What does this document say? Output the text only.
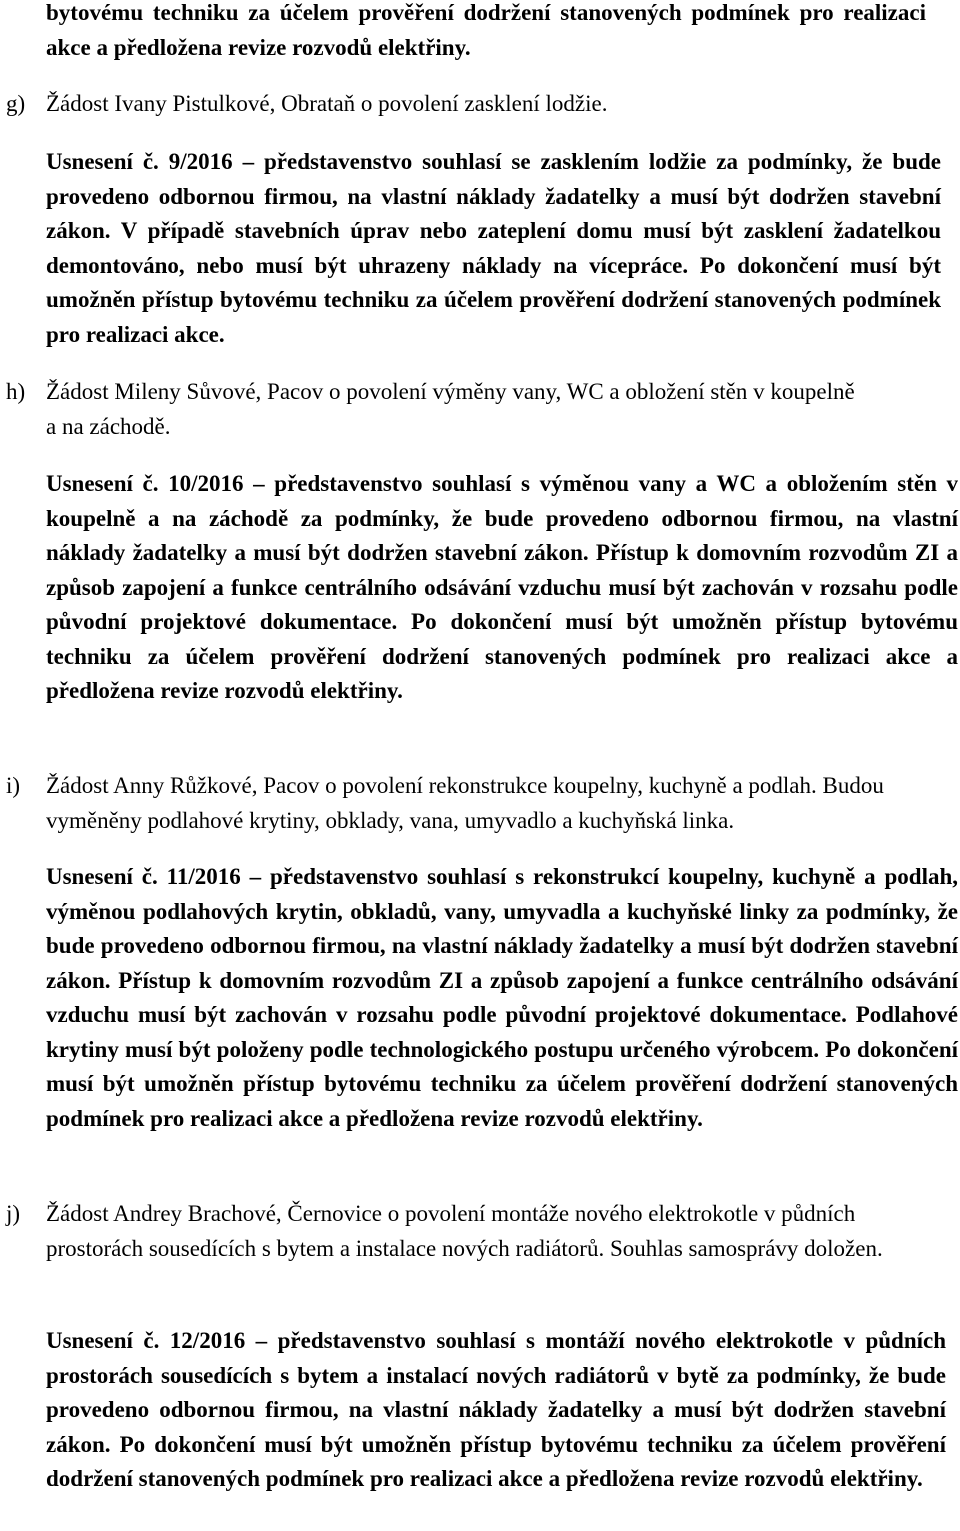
bytovému techniku za účelem prověření dodržení stanovených podmínek pro realizaci akce a předložena revize rozvodů elektřiny.

g) Žádost Ivany Pistulkové, Obrataň o povolení zasklení lodžie.

Usnesení č. 9/2016 – představenstvo souhlasí se zasklením lodžie za podmínky, že bude provedeno odbornou firmou, na vlastní náklady žadatelky a musí být dodržen stavební zákon. V případě stavebních úprav nebo zateplení domu musí být zasklení žadatelkou demontováno, nebo musí být uhrazeny náklady na vícepráce. Po dokončení musí být umožněn přístup bytovému techniku za účelem prověření dodržení stanovených podmínek pro realizaci akce.

h) Žádost Mileny Sůvové, Pacov o povolení výměny vany, WC a obložení stěn v koupelně a na záchodě.

Usnesení č. 10/2016 – představenstvo souhlasí s výměnou vany a WC a obložením stěn v koupelně a na záchodě za podmínky, že bude provedeno odbornou firmou, na vlastní náklady žadatelky a musí být dodržen stavební zákon. Přístup k domovním rozvodům ZI a způsob zapojení a funkce centrálního odsávání vzduchu musí být zachován v rozsahu podle původní projektové dokumentace. Po dokončení musí být umožněn přístup bytovému techniku za účelem prověření dodržení stanovených podmínek pro realizaci akce a předložena revize rozvodů elektřiny.

i)	Žádost Anny Růžkové, Pacov o povolení rekonstrukce koupelny, kuchyně a podlah. Budou vyměněny podlahové krytiny, obklady, vana, umyvadlo a kuchyňská linka.

Usnesení č. 11/2016 – představenstvo souhlasí s rekonstrukcí koupelny, kuchyně a podlah, výměnou podlahových krytin, obkladů, vany, umyvadla a kuchyňské linky za podmínky, že bude provedeno odbornou firmou, na vlastní náklady žadatelky a musí být dodržen stavební zákon. Přístup k domovním rozvodům ZI a způsob zapojení a funkce centrálního odsávání vzduchu musí být zachován v rozsahu podle původní projektové dokumentace. Podlahové krytiny musí být položeny podle technologického postupu určeného výrobcem. Po dokončení musí být umožněn přístup bytovému techniku za účelem prověření dodržení stanovených podmínek pro realizaci akce a předložena revize rozvodů elektřiny.

j)	Žádost Andrey Brachové, Černovice o povolení montáže nového elektrokotle v půdních prostorách sousedících s bytem a instalace nových radiátorů. Souhlas samosprávy doložen.

Usnesení č. 12/2016 – představenstvo souhlasí s montáží nového elektrokotle v půdních prostorách sousedících s bytem a instalací nových radiátorů v bytě za podmínky, že bude provedeno odbornou firmou, na vlastní náklady žadatelky a musí být dodržen stavební zákon. Po dokončení musí být umožněn přístup bytovému techniku za účelem prověření dodržení stanovených podmínek pro realizaci akce a předložena revize rozvodů elektřiny.
